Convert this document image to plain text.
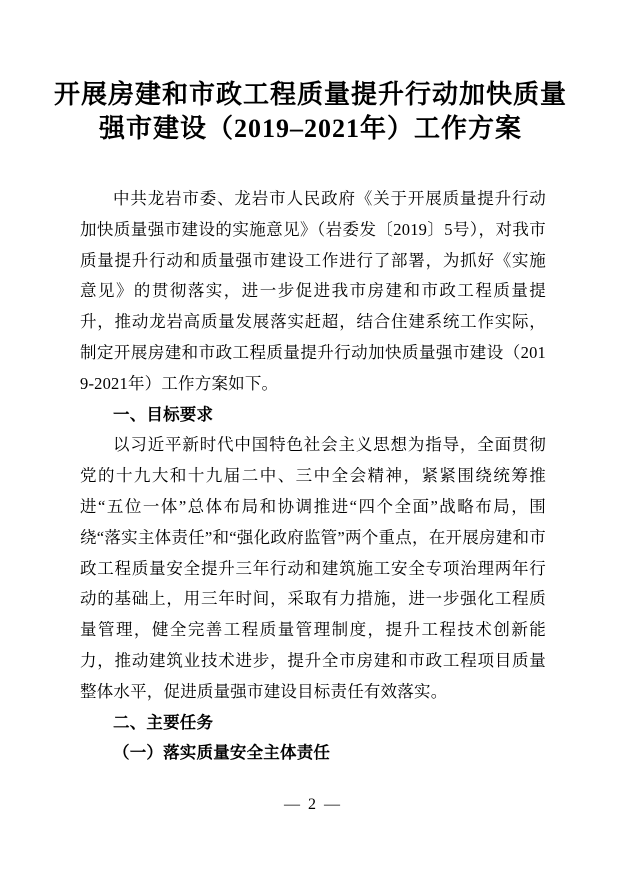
开展房建和市政工程质量提升行动加快质量
强市建设（2019–2021年）工作方案

中共龙岩市委、龙岩市人民政府《关于开展质量提升行动加快质量强市建设的实施意见》（岩委发〔2019〕5号），对我市质量提升行动和质量强市建设工作进行了部署，为抓好《实施意见》的贯彻落实，进一步促进我市房建和市政工程质量提升，推动龙岩高质量发展落实赶超，结合住建系统工作实际，制定开展房建和市政工程质量提升行动加快质量强市建设（2019-2021年）工作方案如下。

一、目标要求

以习近平新时代中国特色社会主义思想为指导，全面贯彻党的十九大和十九届二中、三中全会精神，紧紧围绕统筹推进“五位一体”总体布局和协调推进“四个全面”战略布局，围绕“落实主体责任”和“强化政府监管”两个重点，在开展房建和市政工程质量安全提升三年行动和建筑施工安全专项治理两年行动的基础上，用三年时间，采取有力措施，进一步强化工程质量管理，健全完善工程质量管理制度，提升工程技术创新能力，推动建筑业技术进步，提升全市房建和市政工程项目质量整体水平，促进质量强市建设目标责任有效落实。

二、主要任务

（一）落实质量安全主体责任

— 2 —
